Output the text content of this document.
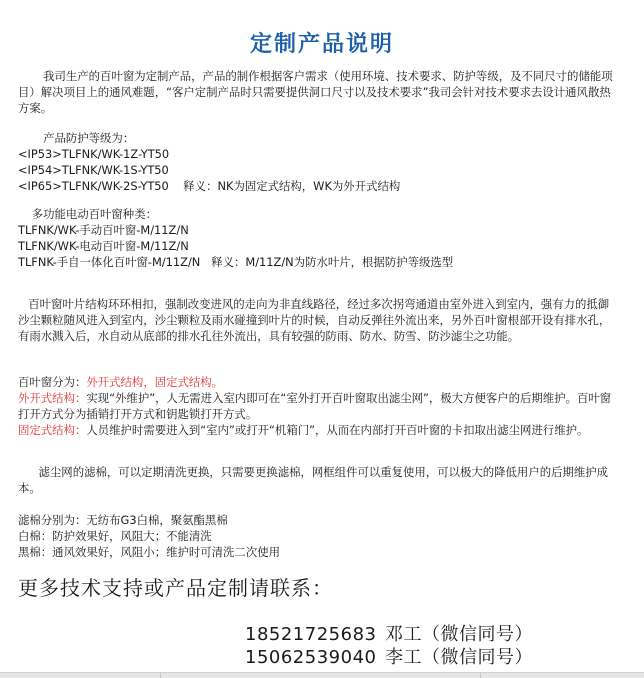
定制产品说明

我司生产的百叶窗为定制产品，产品的制作根据客户需求（使用环境、技术要求、防护等级，及不同尺寸的储能项目）解决项目上的通风难题，“客户定制产品时只需要提供洞口尺寸以及技术要求”我司会针对技术要求去设计通风散热方案。

产品防护等级为：
<IP53>TLFNK/WK-1Z-YT50
<IP54>TLFNK/WK-1S-YT50
<IP65>TLFNK/WK-2S-YT50 释义：NK为固定式结构，WK为外开式结构
多功能电动百叶窗种类：
TLFNK/WK-手动百叶窗-M/11Z/N
TLFNK/WK-电动百叶窗-M/11Z/N
TLFNK-手自一体化百叶窗-M/11Z/N 释义：M/11Z/N为防水叶片，根据防护等级选型

百叶窗叶片结构环环相扣，强制改变进风的走向为非直线路径，经过多次拐弯通道由室外进入到室内，强有力的抵御沙尘颗粒随风进入到室内，沙尘颗粒及雨水碰撞到叶片的时候，自动反弹往外流出来，另外百叶窗根部开设有排水孔，有雨水溅入后，水自动从底部的排水孔往外流出，具有较强的防雨、防水、防雪、防沙滤尘之功能。

百叶窗分为：外开式结构，固定式结构。
外开式结构：实现“外维护”，人无需进入室内即可在“室外打开百叶窗取出滤尘网”，极大方便客户的后期维护。百叶窗打开方式分为插销打开方式和钥匙锁打开方式。
固定式结构：人员维护时需要进入到“室内”或打开“机箱门”，从而在内部打开百叶窗的卡扣取出滤尘网进行维护。

滤尘网的滤棉，可以定期清洗更换，只需要更换滤棉，网框组件可以重复使用，可以极大的降低用户的后期维护成本。

滤棉分别为：无纺布G3白棉，聚氨酯黑棉
白棉：防护效果好，风阻大；不能清洗
黑棉：通风效果好，风阻小；维护时可清洗二次使用
更多技术支持或产品定制请联系：
18521725683 邓工（微信同号）
15062539040 李工（微信同号）
